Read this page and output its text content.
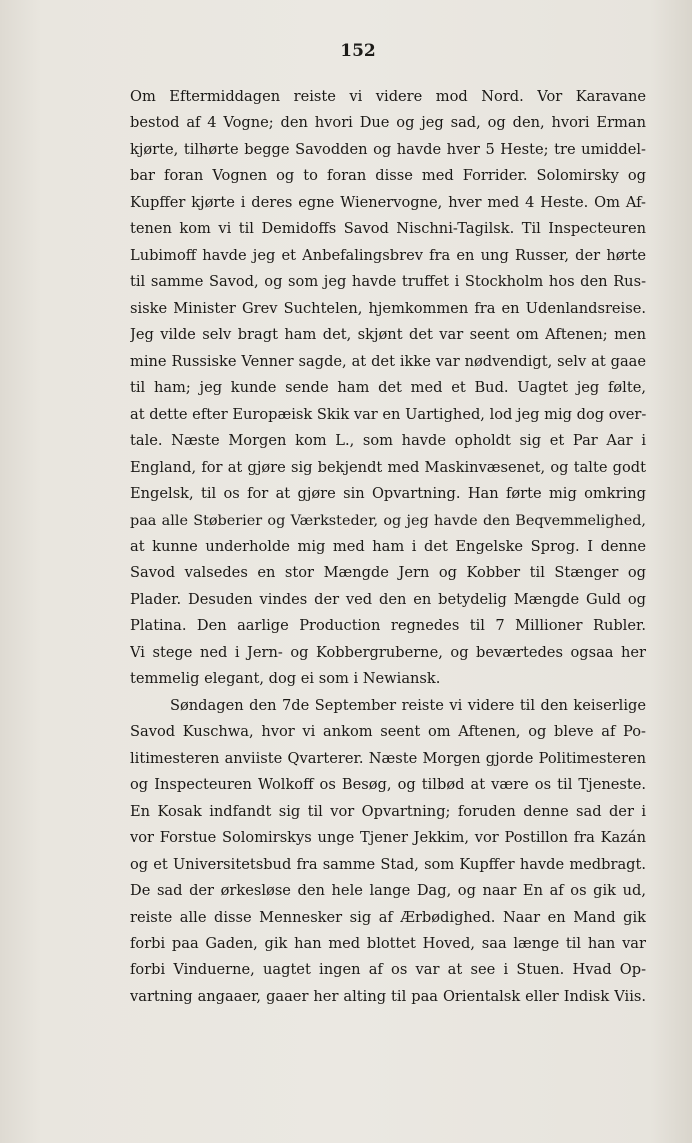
152
Om Eftermiddagen reiste vi videre mod Nord. Vor Karavane
bestod af 4 Vogne; den hvori Due og jeg sad, og den, hvori Erman
kjørte, tilhørte begge Savodden og havde hver 5 Heste; tre umiddel-
bar foran Vognen og to foran disse med Forrider. Solomirsky og
Kupffer kjørte i deres egne Wienervogne, hver med 4 Heste. Om Af-
tenen kom vi til Demidoffs Savod Nischni-Tagilsk. Til Inspecteuren
Lubimoff havde jeg et Anbefalingsbrev fra en ung Russer, der hørte
til samme Savod, og som jeg havde truffet i Stockholm hos den Rus-
siske Minister Grev Suchtelen, hjemkommen fra en Udenlandsreise.
Jeg vilde selv bragt ham det, skjønt det var seent om Aftenen; men
mine Russiske Venner sagde, at det ikke var nødvendigt, selv at gaae
til ham; jeg kunde sende ham det med et Bud. Uagtet jeg følte,
at dette efter Europæisk Skik var en Uartighed, lod jeg mig dog over-
tale. Næste Morgen kom L., som havde opholdt sig et Par Aar i
England, for at gjøre sig bekjendt med Maskinvæsenet, og talte godt
Engelsk, til os for at gjøre sin Opvartning. Han førte mig omkring
paa alle Støberier og Værksteder, og jeg havde den Beqvemmelighed,
at kunne underholde mig med ham i det Engelske Sprog. I denne
Savod valsedes en stor Mængde Jern og Kobber til Stænger og
Plader. Desuden vindes der ved den en betydelig Mængde Guld og
Platina. Den aarlige Production regnedes til 7 Millioner Rubler.
Vi stege ned i Jern- og Kobbergruberne, og beværtedes ogsaa her
temmelig elegant, dog ei som i Newiansk.
Søndagen den 7de September reiste vi videre til den keiserlige
Savod Kuschwa, hvor vi ankom seent om Aftenen, og bleve af Po-
litimesteren anviiste Qvarterer. Næste Morgen gjorde Politimesteren
og Inspecteuren Wolkoff os Besøg, og tilbød at være os til Tjeneste.
En Kosak indfandt sig til vor Opvartning; foruden denne sad der i
vor Forstue Solomirskys unge Tjener Jekkim, vor Postillon fra Kazán
og et Universitetsbud fra samme Stad, som Kupffer havde medbragt.
De sad der ørkesløse den hele lange Dag, og naar En af os gik ud,
reiste alle disse Mennesker sig af Ærbødighed. Naar en Mand gik
forbi paa Gaden, gik han med blottet Hoved, saa længe til han var
forbi Vinduerne, uagtet ingen af os var at see i Stuen. Hvad Op-
vartning angaaer, gaaer her alting til paa Orientalsk eller Indisk Viis.
